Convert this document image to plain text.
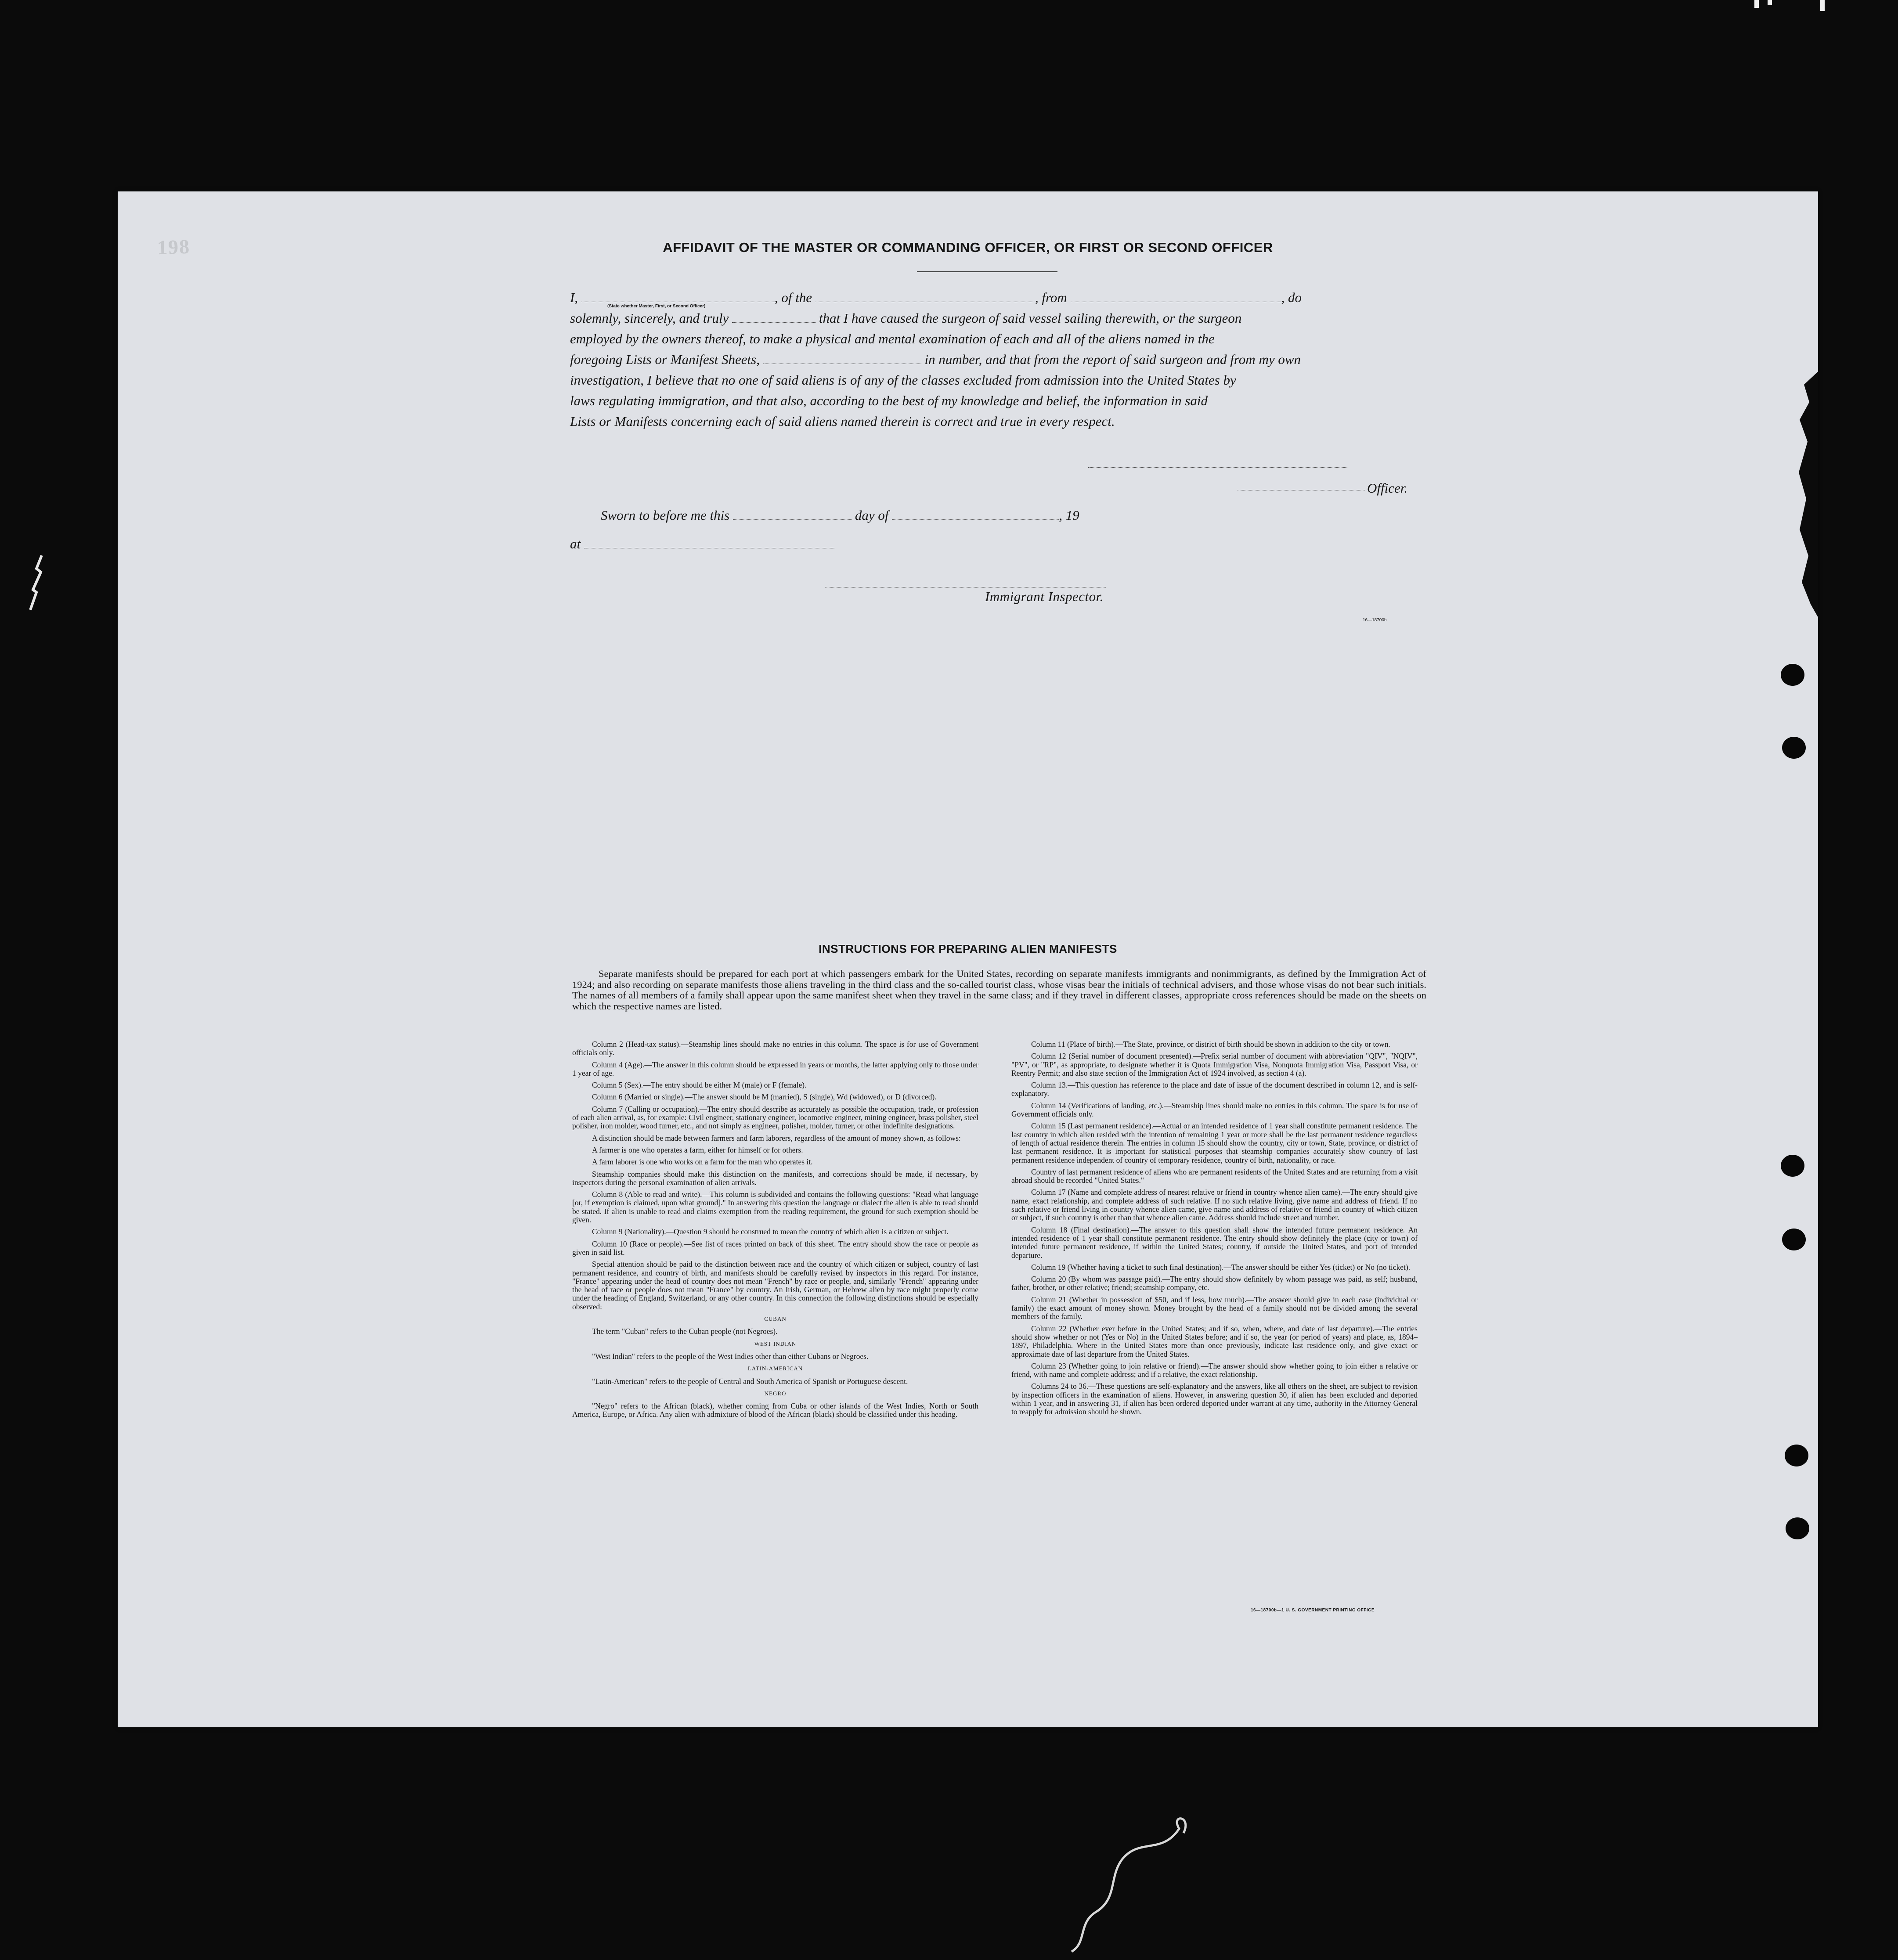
198	AFFIDAVIT OF THE MASTER OR COMMANDING OFFICER, OR FIRST OR SECOND OFFICER

I,	, of the	, from	, do

solemnly, sincerely, and truly	that I have caused the surgeon of said vessel sailing therewith, or the surgeon

employed by the owners thereof, to make a physical and mental examination of each and all of the aliens named in the

foregoing Lists or Manifest Sheets,	in number, and that from the report of said surgeon and from my own

investigation, I believe that no one of said aliens is of any of the classes excluded from admission into the United States by

laws regulating immigration, and that also, according to the best of my knowledge and belief, the information in said

Lists or Manifests concerning each of said aliens named therein is correct and true in every respect.

(State whether Master, First, or Second Officer)
Officer.
Sworn to before me this	day of	, 19
at
Immigrant Inspector.
16—18700b
INSTRUCTIONS FOR PREPARING ALIEN MANIFESTS

Separate manifests should be prepared for each port at which passengers embark for the United States, recording on separate manifests immigrants and nonimmigrants, as defined by the Immigration Act of 1924; and also recording on separate manifests those aliens traveling in the third class and the so-called tourist class, whose visas bear the initials of technical advisers, and those whose visas do not bear such initials. The names of all members of a family shall appear upon the same manifest sheet when they travel in the same class; and if they travel in different classes, appropriate cross references should be made on the sheets on which the respective names are listed.

Column 2 (Head-tax status).—Steamship lines should make no entries in this column. The space is for use of Government officials only.

Column 4 (Age).—The answer in this column should be expressed in years or months, the latter applying only to those under 1 year of age.

Column 5 (Sex).—The entry should be either M (male) or F (female).

Column 6 (Married or single).—The answer should be M (married), S (single), Wd (widowed), or D (divorced).

Column 7 (Calling or occupation).—The entry should describe as accurately as possible the occupation, trade, or profession of each alien arrival, as, for example: Civil engineer, stationary engineer, locomotive engineer, mining engineer, brass polisher, steel polisher, iron molder, wood turner, etc., and not simply as engineer, polisher, molder, turner, or other indefinite designations.

A distinction should be made between farmers and farm laborers, regardless of the amount of money shown, as follows:

A farmer is one who operates a farm, either for himself or for others.

A farm laborer is one who works on a farm for the man who operates it.

Steamship companies should make this distinction on the manifests, and corrections should be made, if necessary, by inspectors during the personal examination of alien arrivals.

Column 8 (Able to read and write).—This column is subdivided and contains the following questions: "Read what language [or, if exemption is claimed, upon what ground]." In answering this question the language or dialect the alien is able to read should be stated. If alien is unable to read and claims exemption from the reading requirement, the ground for such exemption should be given.

Column 9 (Nationality).—Question 9 should be construed to mean the country of which alien is a citizen or subject.

Column 10 (Race or people).—See list of races printed on back of this sheet. The entry should show the race or people as given in said list.

Special attention should be paid to the distinction between race and the country of which citizen or subject, country of last permanent residence, and country of birth, and manifests should be carefully revised by inspectors in this regard. For instance, "France" appearing under the head of country does not mean "French" by race or people, and, similarly "French" appearing under the head of race or people does not mean "France" by country. An Irish, German, or Hebrew alien by race might properly come under the heading of England, Switzerland, or any other country. In this connection the following distinctions should be especially observed:

CUBAN

The term "Cuban" refers to the Cuban people (not Negroes).

WEST INDIAN

"West Indian" refers to the people of the West Indies other than either Cubans or Negroes.

LATIN-AMERICAN

"Latin-American" refers to the people of Central and South America of Spanish or Portuguese descent.

NEGRO

"Negro" refers to the African (black), whether coming from Cuba or other islands of the West Indies, North or South America, Europe, or Africa. Any alien with admixture of blood of the African (black) should be classified under this heading.

Column 11 (Place of birth).—The State, province, or district of birth should be shown in addition to the city or town.

Column 12 (Serial number of document presented).—Prefix serial number of document with abbreviation "QIV", "NQIV", "PV", or "RP", as appropriate, to designate whether it is Quota Immigration Visa, Nonquota Immigration Visa, Passport Visa, or Reentry Permit; and also state section of the Immigration Act of 1924 involved, as section 4 (a).

Column 13.—This question has reference to the place and date of issue of the document described in column 12, and is self-explanatory.

Column 14 (Verifications of landing, etc.).—Steamship lines should make no entries in this column. The space is for use of Government officials only.

Column 15 (Last permanent residence).—Actual or an intended residence of 1 year shall constitute permanent residence. The last country in which alien resided with the intention of remaining 1 year or more shall be the last permanent residence regardless of length of actual residence therein. The entries in column 15 should show the country, city or town, State, province, or district of last permanent residence. It is important for statistical purposes that steamship companies accurately show country of last permanent residence independent of country of temporary residence, country of birth, nationality, or race.

Country of last permanent residence of aliens who are permanent residents of the United States and are returning from a visit abroad should be recorded "United States."

Column 17 (Name and complete address of nearest relative or friend in country whence alien came).—The entry should give name, exact relationship, and complete address of such relative. If no such relative living, give name and address of friend. If no such relative or friend living in country whence alien came, give name and address of relative or friend in country of which citizen or subject, if such country is other than that whence alien came. Address should include street and number.

Column 18 (Final destination).—The answer to this question shall show the intended future permanent residence. An intended residence of 1 year shall constitute permanent residence. The entry should show definitely the place (city or town) of intended future permanent residence, if within the United States; country, if outside the United States, and port of intended departure.

Column 19 (Whether having a ticket to such final destination).—The answer should be either Yes (ticket) or No (no ticket).

Column 20 (By whom was passage paid).—The entry should show definitely by whom passage was paid, as self; husband, father, brother, or other relative; friend; steamship company, etc.

Column 21 (Whether in possession of $50, and if less, how much).—The answer should give in each case (individual or family) the exact amount of money shown. Money brought by the head of a family should not be divided among the several members of the family.

Column 22 (Whether ever before in the United States; and if so, when, where, and date of last departure).—The entries should show whether or not (Yes or No) in the United States before; and if so, the year (or period of years) and place, as, 1894–1897, Philadelphia. Where in the United States more than once previously, indicate last residence only, and give exact or approximate date of last departure from the United States.

Column 23 (Whether going to join relative or friend).—The answer should show whether going to join either a relative or friend, with name and complete address; and if a relative, the exact relationship.

Columns 24 to 36.—These questions are self-explanatory and the answers, like all others on the sheet, are subject to revision by inspection officers in the examination of aliens. However, in answering question 30, if alien has been excluded and deported within 1 year, and in answering 31, if alien has been ordered deported under warrant at any time, authority in the Attorney General to reapply for admission should be shown.

16—18700b—1 U. S. GOVERNMENT PRINTING OFFICE
